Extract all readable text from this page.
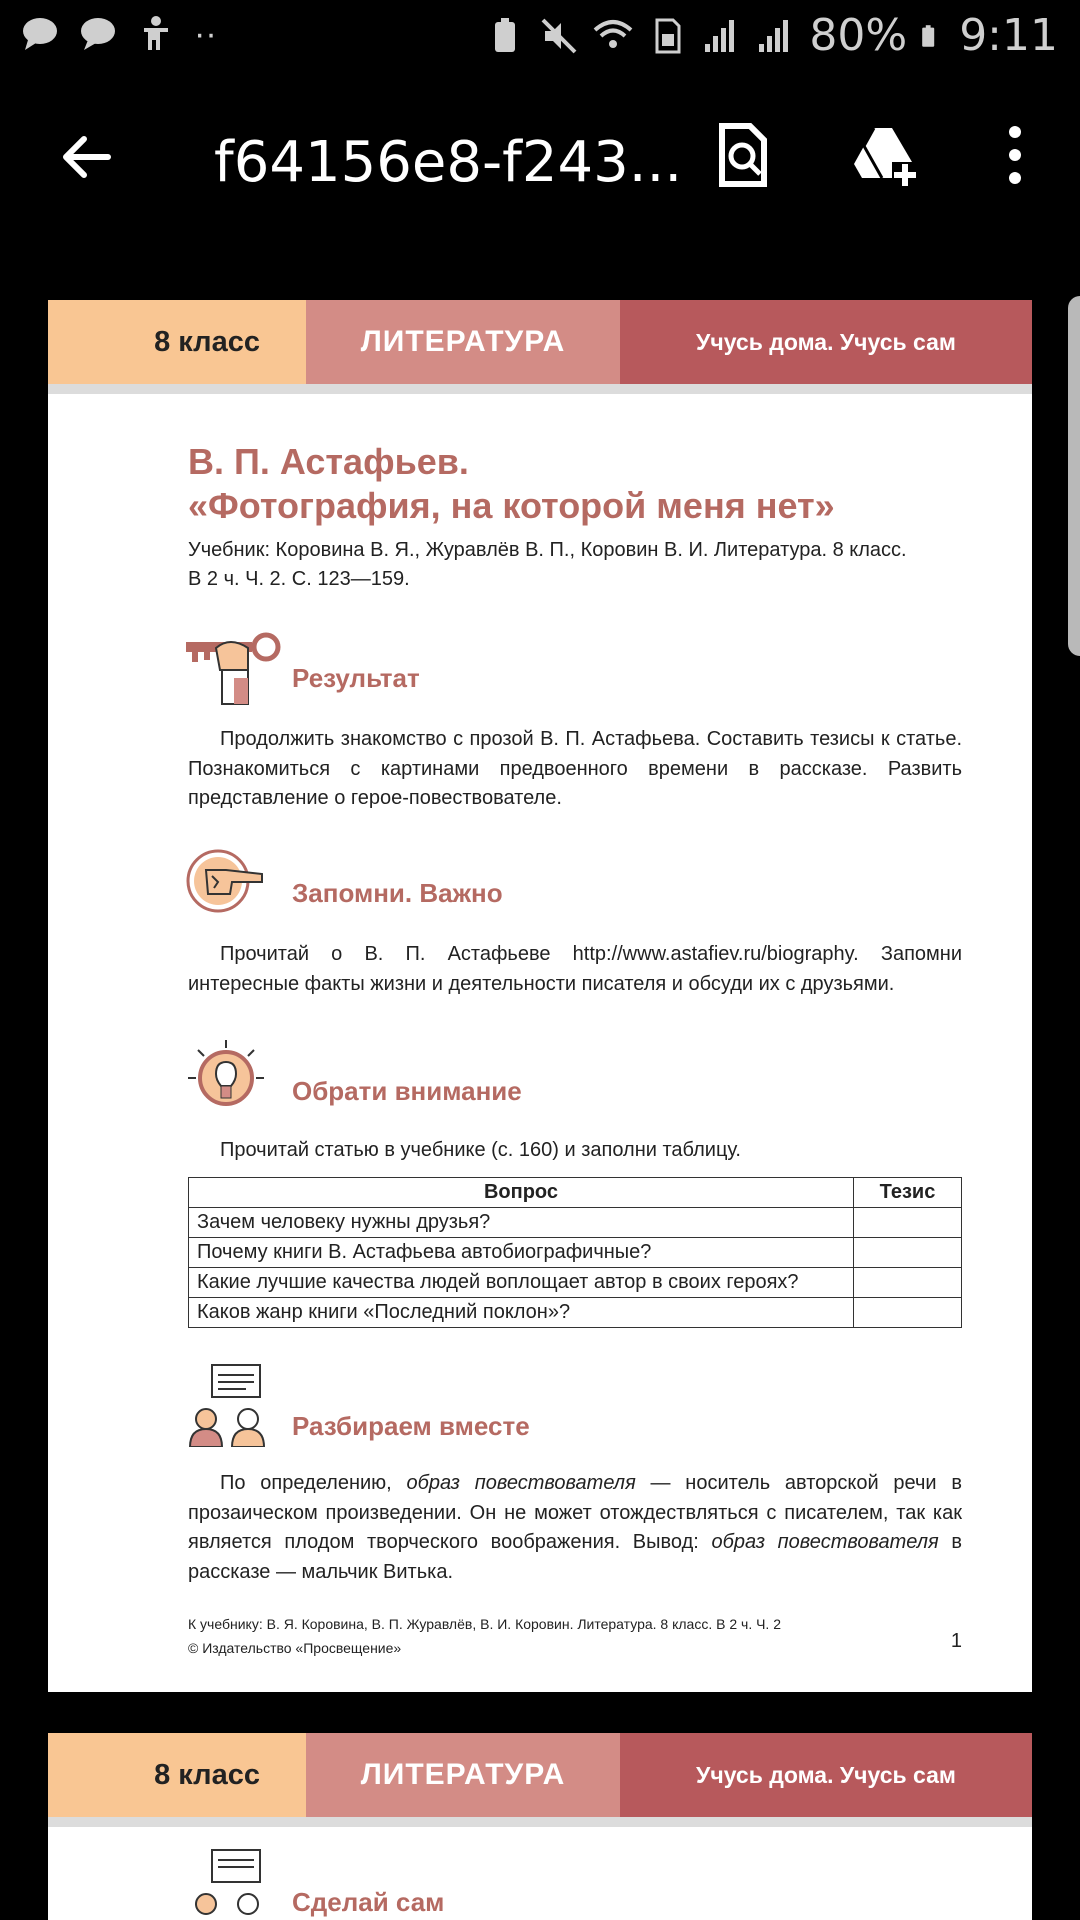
··	80% 9:11
f64156e8-f243...
8 класс	ЛИТЕРАТУРА	Учусь дома. Учусь сам
В. П. Астафьев.
«Фотография, на которой меня нет»
Учебник: Коровина В. Я., Журавлёв В. П., Коровин В. И. Литература. 8 класс.
В 2 ч. Ч. 2. С. 123—159.
Результат
Продолжить знакомство с прозой В. П. Астафьева. Составить тезисы к статье. Познакомиться с картинами предвоенного времени в рассказе. Развить представление о герое-повествователе.
Запомни. Важно
Прочитай о В. П. Астафьеве http://www.astafiev.ru/biography. Запомни интересные факты жизни и деятельности писателя и обсуди их с друзьями.
Обрати внимание
Прочитай статью в учебнике (с. 160) и заполни таблицу.
Вопрос	Тезис
Зачем человеку нужны друзья?	
Почему книги В. Астафьева автобиографичные?	
Какие лучшие качества людей воплощает автор в своих героях?	
Каков жанр книги «Последний поклон»?	
Разбираем вместе
По определению, образ повествователя — носитель авторской речи в прозаическом произведении. Он не может отождествляться с писателем, так как является плодом творческого воображения. Вывод: образ повествователя в рассказе — мальчик Витька.
К учебнику: В. Я. Коровина, В. П. Журавлёв, В. И. Коровин. Литература. 8 класс. В 2 ч. Ч. 2
© Издательство «Просвещение»	1
8 класс	ЛИТЕРАТУРА	Учусь дома. Учусь сам
Сделай сам
